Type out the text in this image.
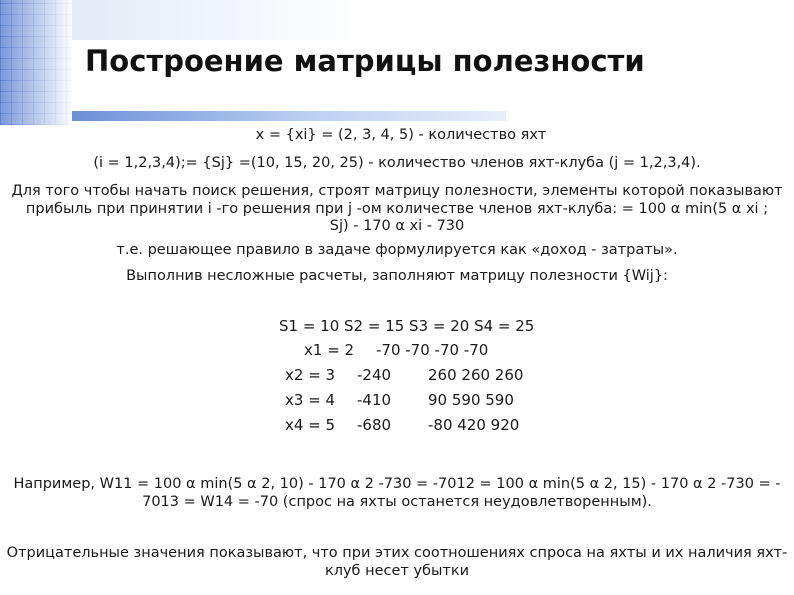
Построение матрицы полезности
x = {xi} = (2, 3, 4, 5) - количество яхт
(i = 1,2,3,4);= {Sj} =(10, 15, 20, 25) - количество членов яхт-клуба (j = 1,2,3,4).
Для того чтобы начать поиск решения, строят матрицу полезности, элементы которой показывают
прибыль при принятии i -го решения при j -ом количестве членов яхт-клуба: = 100 α min(5 α xi ;
Sj) - 170 α xi - 730
т.е. решающее правило в задаче формулируется как «доход - затраты».
Выполнив несложные расчеты, заполняют матрицу полезности {Wij}:
S1 = 10 S2 = 15 S3 = 20 S4 = 25
x1 = 2 -70 -70 -70 -70
x2 = 3 -240 260 260 260
x3 = 4 -410 90 590 590
x4 = 5 -680 -80 420 920
Например, W11 = 100 α min(5 α 2, 10) - 170 α 2 -730 = -7012 = 100 α min(5 α 2, 15) - 170 α 2 -730 = -
7013 = W14 = -70 (спрос на яхты останется неудовлетворенным).
Отрицательные значения показывают, что при этих соотношениях спроса на яхты и их наличия яхт-
клуб несет убытки
